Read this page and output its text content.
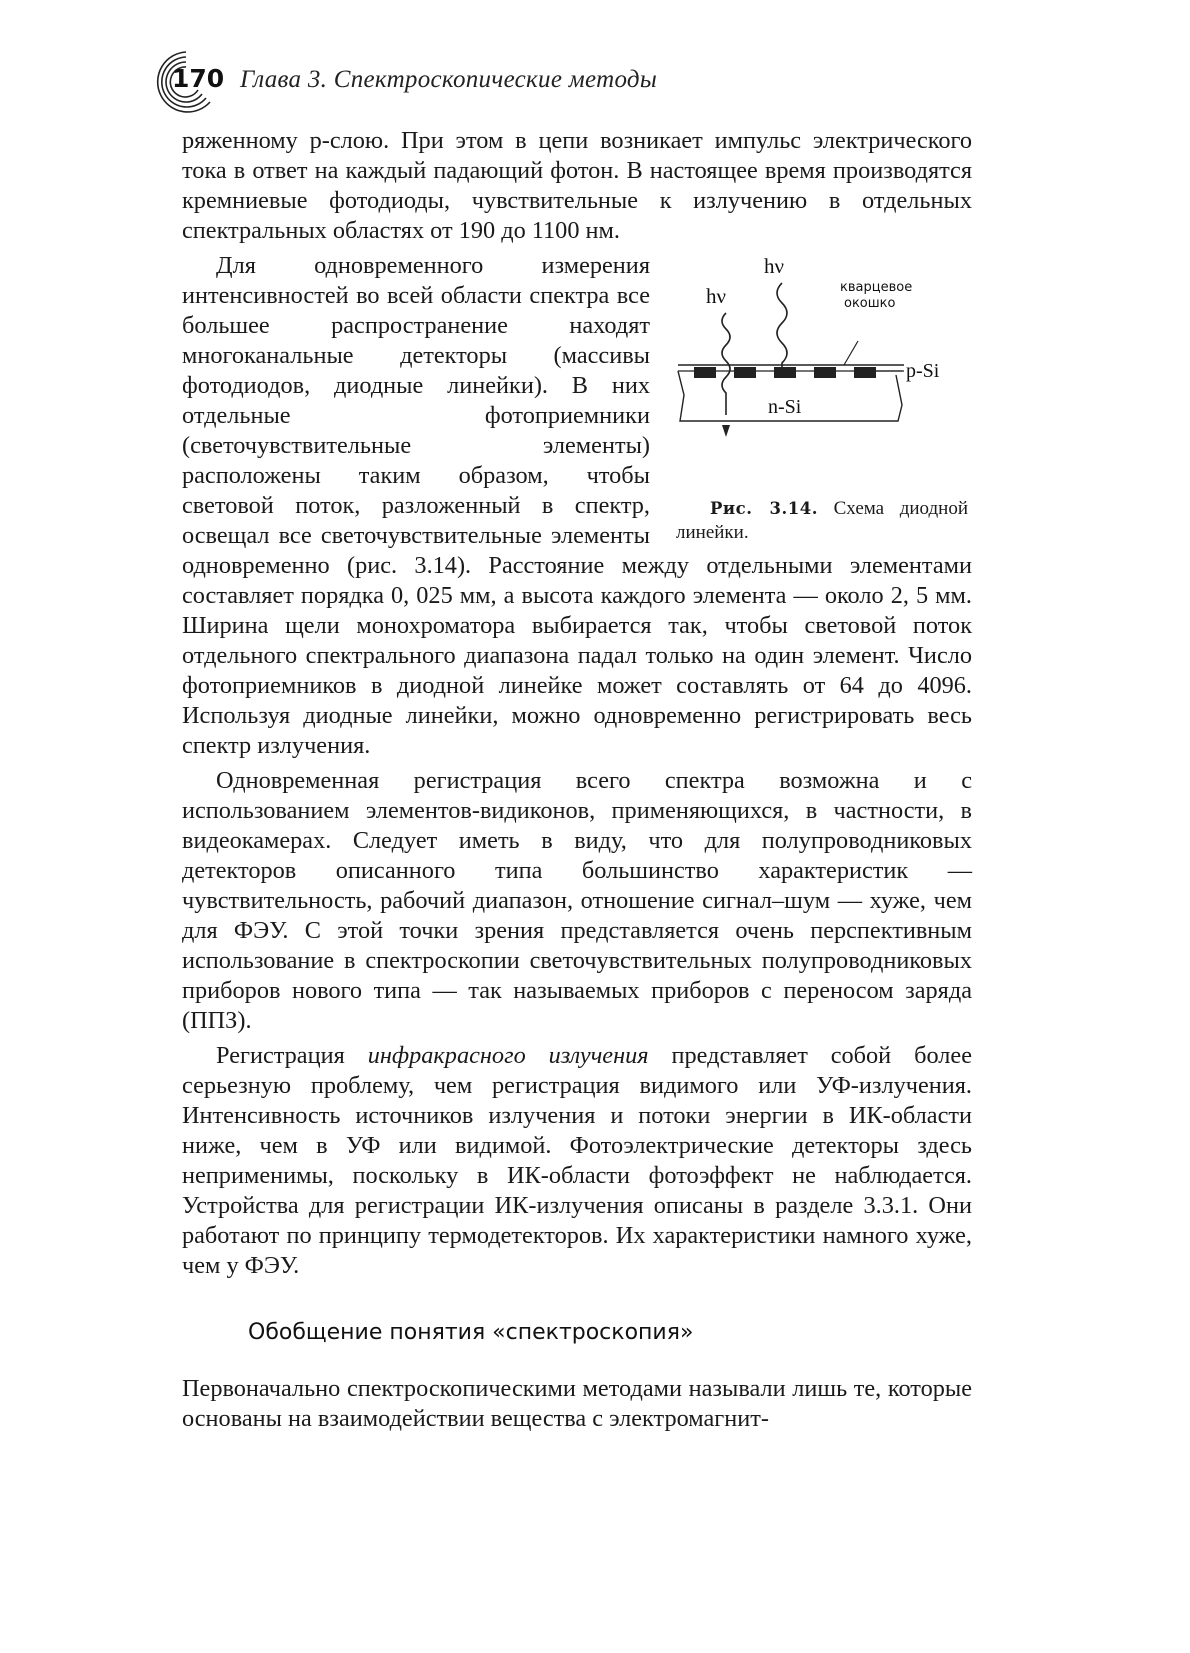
170 Глава 3. Спектроскопические методы

ряженному p-слою. При этом в цепи возникает импульс электрического тока в ответ на каждый падающий фотон. В настоящее время производятся кремниевые фотодиоды, чувствительные к излучению в отдельных спектральных областях от 190 до 1100 нм.

hν
hν
кварцевое
окошко
p-Si
n-Si
Рис. 3.14. Схема диодной линейки.
Для одновременного измерения интенсивностей во всей области спектра все большее распространение находят многоканальные детекторы (массивы фотодиодов, диодные линейки). В них отдельные фотоприемники (светочувствительные элементы) расположены таким образом, чтобы световой поток, разложенный в спектр, освещал все светочувствительные элементы одновременно (рис. 3.14). Расстояние между отдельными элементами составляет порядка 0, 025 мм, а высота каждого элемента — около 2, 5 мм. Ширина щели монохроматора выбирается так, чтобы световой поток отдельного спектрального диапазона падал только на один элемент. Число фотоприемников в диодной линейке может составлять от 64 до 4096. Используя диодные линейки, можно одновременно регистрировать весь спектр излучения.

Одновременная регистрация всего спектра возможна и с использованием элементов-видиконов, применяющихся, в частности, в видеокамерах. Следует иметь в виду, что для полупроводниковых детекторов описанного типа большинство характеристик — чувствительность, рабочий диапазон, отношение сигнал–шум — хуже, чем для ФЭУ. С этой точки зрения представляется очень перспективным использование в спектроскопии светочувствительных полупроводниковых приборов нового типа — так называемых приборов с переносом заряда (ППЗ).

Регистрация инфракрасного излучения представляет собой более серьезную проблему, чем регистрация видимого или УФ-излучения. Интенсивность источников излучения и потоки энергии в ИК-области ниже, чем в УФ или видимой. Фотоэлектрические детекторы здесь неприменимы, поскольку в ИК-области фотоэффект не наблюдается. Устройства для регистрации ИК-излучения описаны в разделе 3.3.1. Они работают по принципу термодетекторов. Их характеристики намного хуже, чем у ФЭУ.

Обобщение понятия «спектроскопия»

Первоначально спектроскопическими методами называли лишь те, которые основаны на взаимодействии вещества с электромагнит-
